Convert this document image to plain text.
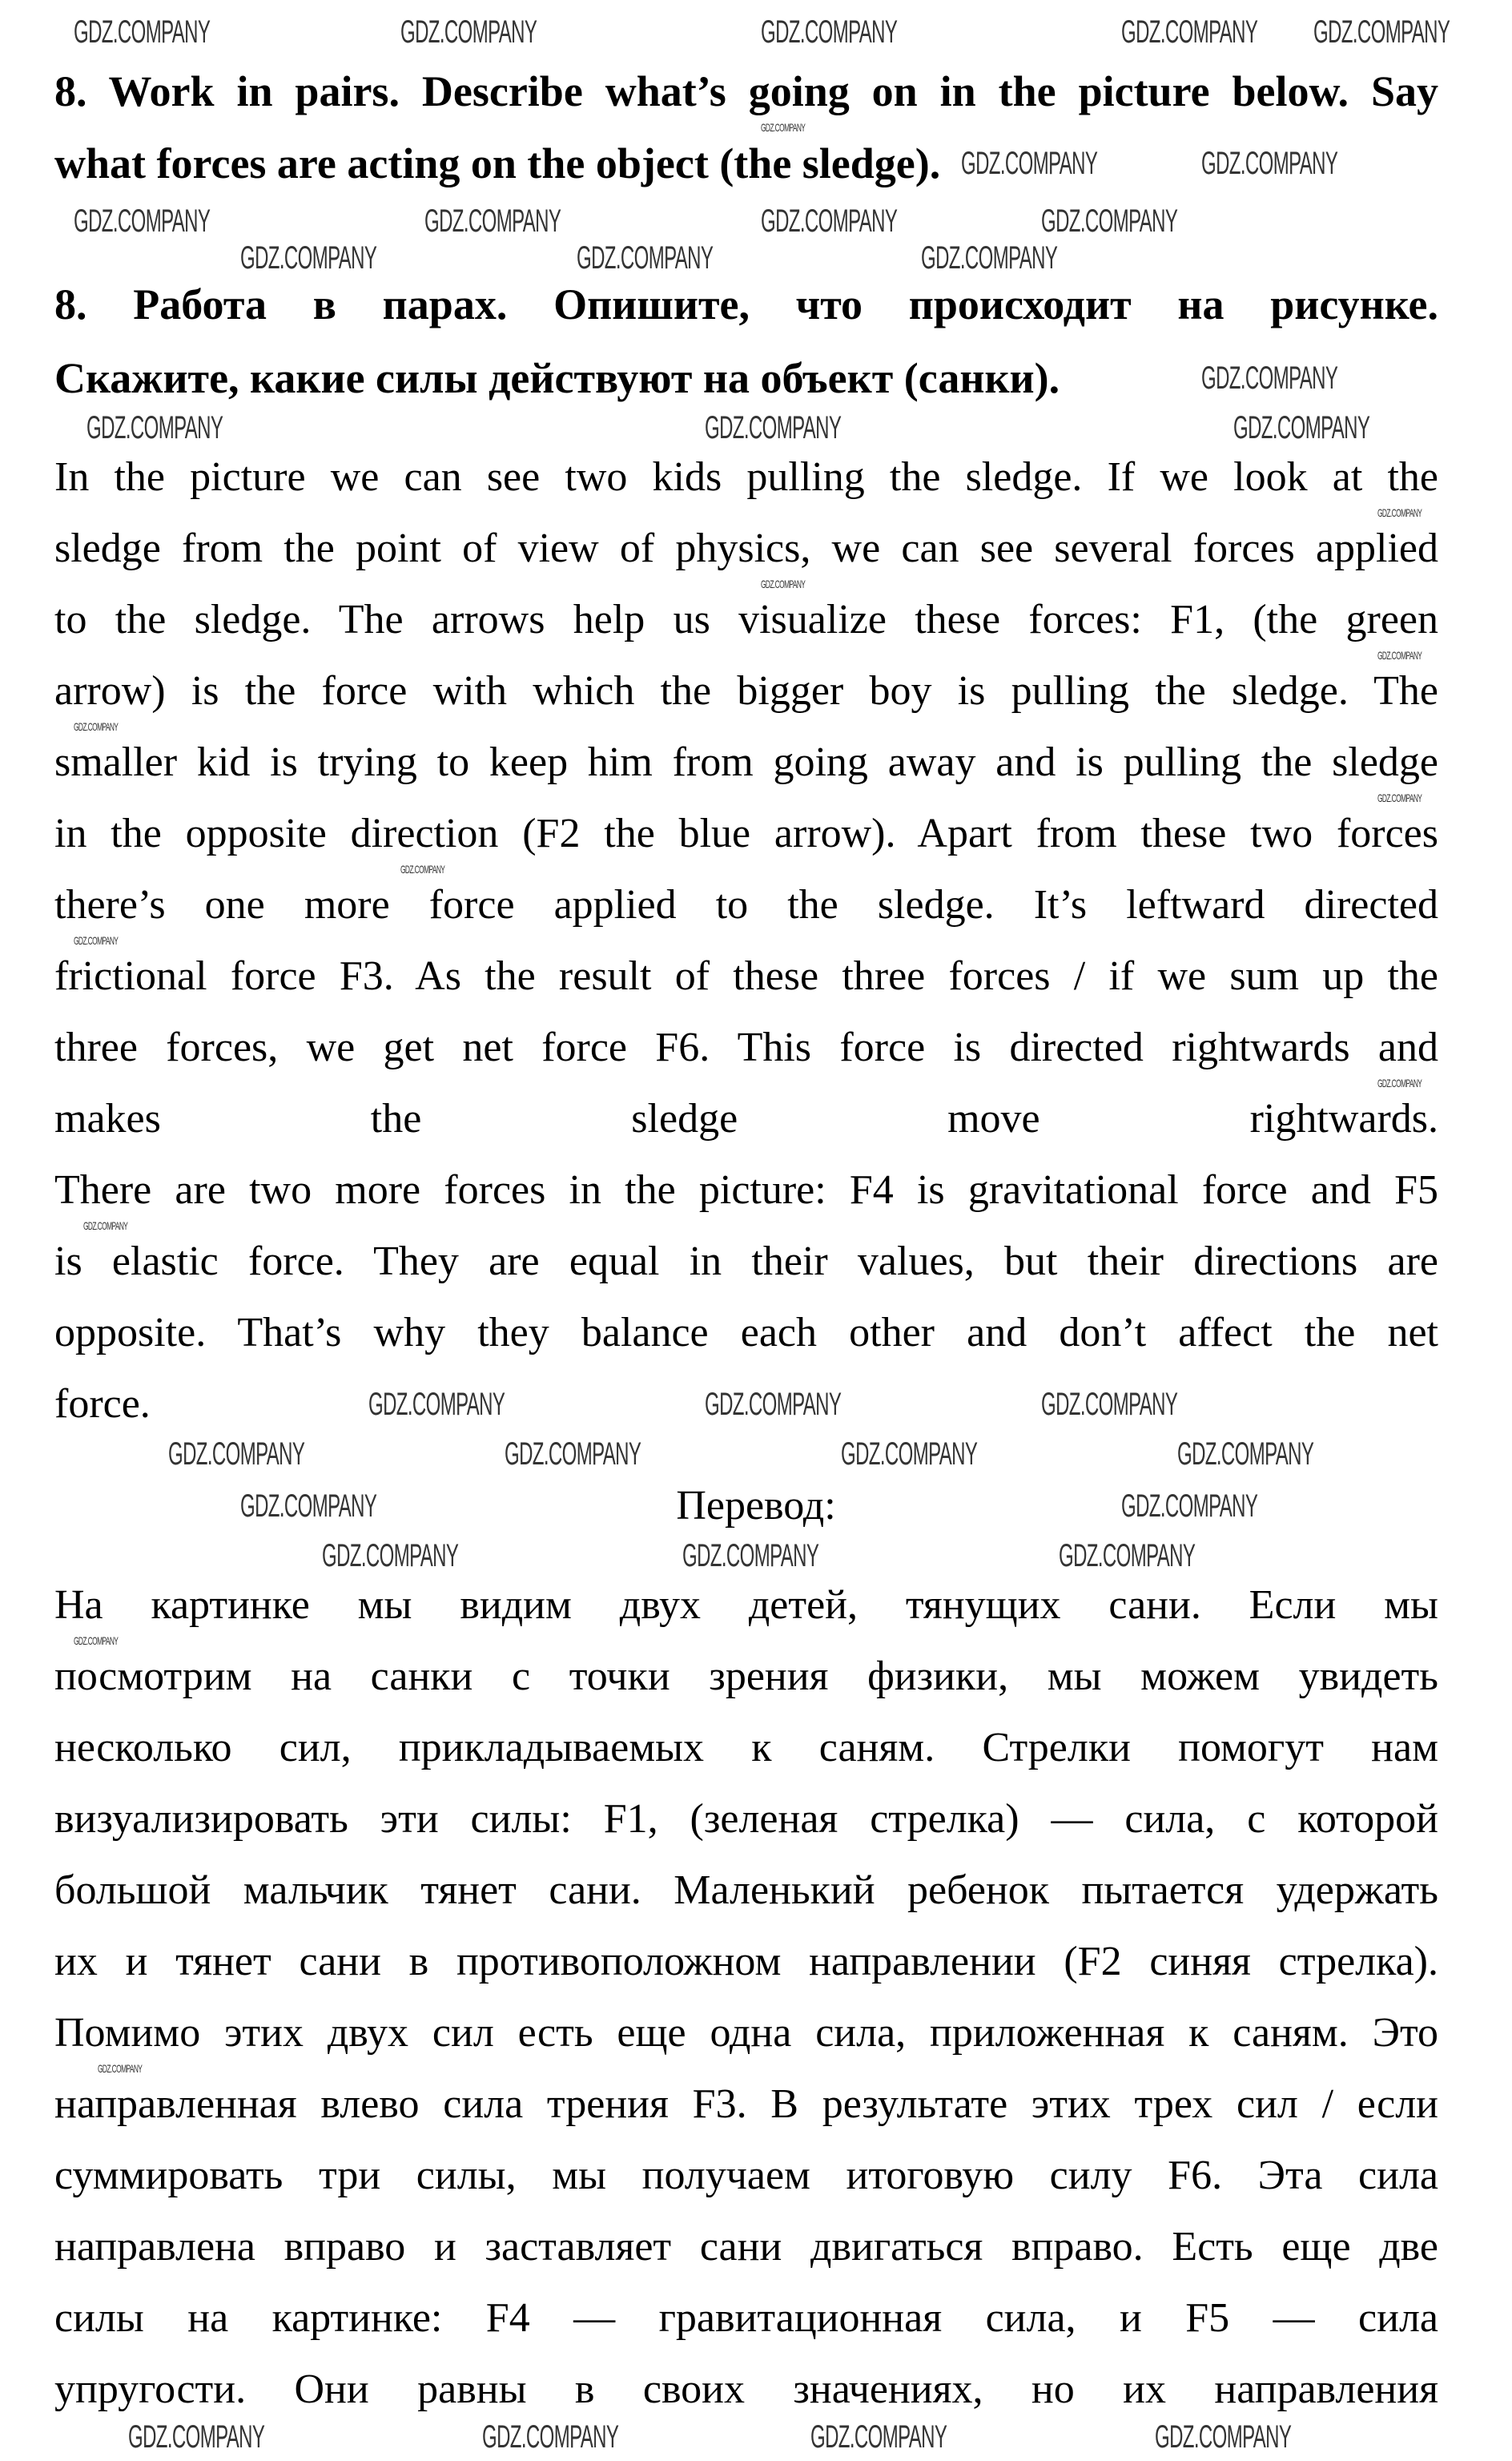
8. Work in pairs. Describe what’s going on in the picture below. Say
what forces are acting on the object (the sledge).
8. Работа в парах. Опишите, что происходит на рисунке.
Скажите, какие силы действуют на объект (санки).
In the picture we can see two kids pulling the sledge. If we look at the
sledge from the point of view of physics, we can see several forces applied
to the sledge. The arrows help us visualize these forces: F1, (the green
arrow) is the force with which the bigger boy is pulling the sledge. The
smaller kid is trying to keep him from going away and is pulling the sledge
in the opposite direction (F2 the blue arrow). Apart from these two forces
there’s one more force applied to the sledge. It’s leftward directed
frictional force F3. As the result of these three forces / if we sum up the
three forces, we get net force F6. This force is directed rightwards and
makes the sledge move rightwards.
There are two more forces in the picture: F4 is gravitational force and F5
is elastic force. They are equal in their values, but their directions are
opposite. That’s why they balance each other and don’t affect the net
force.
Перевод:
На картинке мы видим двух детей, тянущих сани. Если мы
посмотрим на санки с точки зрения физики, мы можем увидеть
несколько сил, прикладываемых к саням. Стрелки помогут нам
визуализировать эти силы: F1, (зеленая стрелка) — сила, с которой
большой мальчик тянет сани. Маленький ребенок пытается удержать
их и тянет сани в противоположном направлении (F2 синяя стрелка).
Помимо этих двух сил есть еще одна сила, приложенная к саням. Это
направленная влево сила трения F3. В результате этих трех сил / если
суммировать три силы, мы получаем итоговую силу F6. Эта сила
направлена вправо и заставляет сани двигаться вправо. Есть еще две
силы на картинке: F4 — гравитационная сила, и F5 — сила
упругости. Они равны в своих значениях, но их направления
GDZ.COMPANY	GDZ.COMPANY	GDZ.COMPANY	GDZ.COMPANY GDZ.COMPANY
GDZ.COMPANY	GDZ.COMPANY	GDZ.COMPANY	GDZ.COMPANY
GDZ.COMPANY	GDZ.COMPANY	GDZ.COMPANY
GDZ.COMPANY	GDZ.COMPANY	GDZ.COMPANY
GDZ.COMPANY	GDZ.COMPANY
GDZ.COMPANY
GDZ.COMPANY	GDZ.COMPANY	GDZ.COMPANY
GDZ.COMPANY	GDZ.COMPANY	GDZ.COMPANY	GDZ.COMPANY
GDZ.COMPANY	GDZ.COMPANY
GDZ.COMPANY	GDZ.COMPANY	GDZ.COMPANY
GDZ.COMPANY	GDZ.COMPANY	GDZ.COMPANY	GDZ.COMPANY
GDZ.COMPANY
GDZ.COMPANY
GDZ.COMPANY
GDZ.COMPANY
GDZ.COMPANY
GDZ.COMPANY
GDZ.COMPANY
GDZ.COMPANY
GDZ.COMPANY
GDZ.COMPANY
GDZ.COMPANY
GDZ.COMPANY
